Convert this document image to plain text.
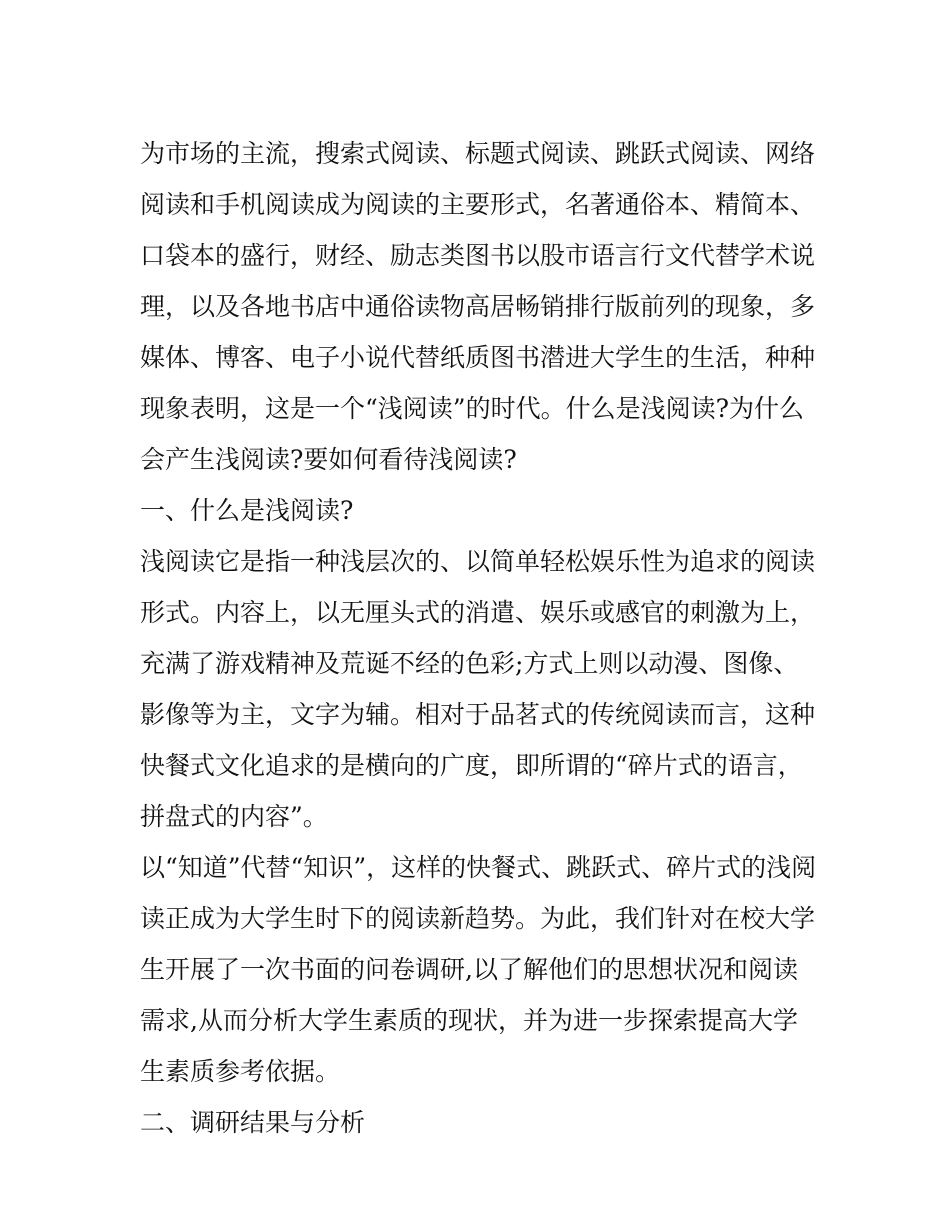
为市场的主流，搜索式阅读、标题式阅读、跳跃式阅读、网络
阅读和手机阅读成为阅读的主要形式，名著通俗本、精简本、
口袋本的盛行，财经、励志类图书以股市语言行文代替学术说
理，以及各地书店中通俗读物高居畅销排行版前列的现象，多
媒体、博客、电子小说代替纸质图书潜进大学生的生活，种种
现象表明，这是一个“浅阅读”的时代。什么是浅阅读?为什么
会产生浅阅读?要如何看待浅阅读?
一、什么是浅阅读?
浅阅读它是指一种浅层次的、以简单轻松娱乐性为追求的阅读
形式。内容上，以无厘头式的消遣、娱乐或感官的刺激为上，
充满了游戏精神及荒诞不经的色彩;方式上则以动漫、图像、
影像等为主，文字为辅。相对于品茗式的传统阅读而言，这种
快餐式文化追求的是横向的广度，即所谓的“碎片式的语言，
拼盘式的内容”。
以“知道”代替“知识”，这样的快餐式、跳跃式、碎片式的浅阅
读正成为大学生时下的阅读新趋势。为此，我们针对在校大学
生开展了一次书面的问卷调研,以了解他们的思想状况和阅读
需求,从而分析大学生素质的现状，并为进一步探索提高大学
生素质参考依据。
二、调研结果与分析
